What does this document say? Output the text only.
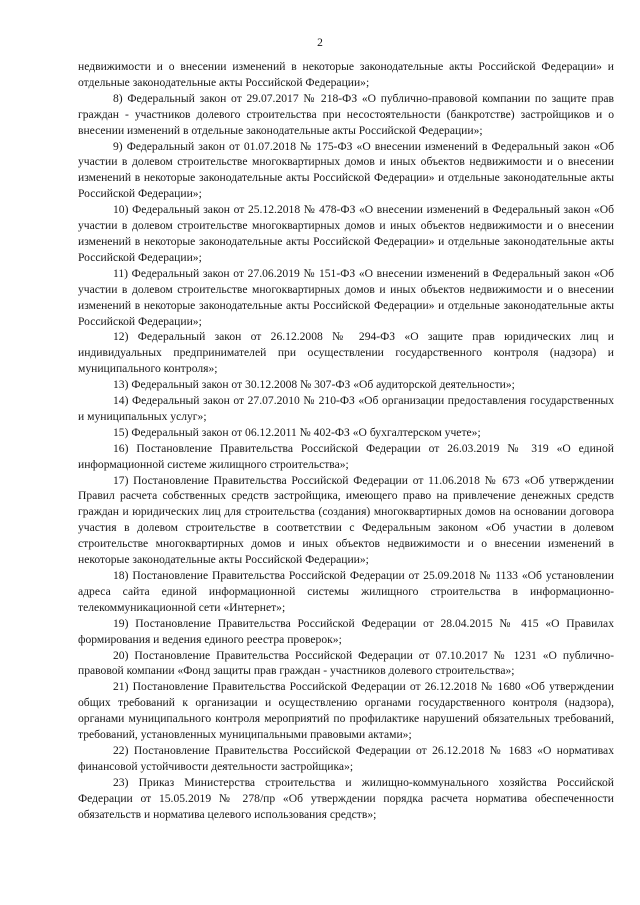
2

недвижимости и о внесении изменений в некоторые законодательные акты Российской Федерации» и отдельные законодательные акты Российской Федерации»;

8) Федеральный закон от 29.07.2017 № 218-ФЗ «О публично-правовой компании по защите прав граждан - участников долевого строительства при несостоятельности (банкротстве) застройщиков и о внесении изменений в отдельные законодательные акты Российской Федерации»;

9) Федеральный закон от 01.07.2018 № 175-ФЗ «О внесении изменений в Федеральный закон «Об участии в долевом строительстве многоквартирных домов и иных объектов недвижимости и о внесении изменений в некоторые законодательные акты Российской Федерации» и отдельные законодательные акты Российской Федерации»;

10) Федеральный закон от 25.12.2018 № 478-ФЗ «О внесении изменений в Федеральный закон «Об участии в долевом строительстве многоквартирных домов и иных объектов недвижимости и о внесении изменений в некоторые законодательные акты Российской Федерации» и отдельные законодательные акты Российской Федерации»;

11) Федеральный закон от 27.06.2019 № 151-ФЗ «О внесении изменений в Федеральный закон «Об участии в долевом строительстве многоквартирных домов и иных объектов недвижимости и о внесении изменений в некоторые законодательные акты Российской Федерации» и отдельные законодательные акты Российской Федерации»;

12) Федеральный закон от 26.12.2008 № 294-ФЗ «О защите прав юридических лиц и индивидуальных предпринимателей при осуществлении государственного контроля (надзора) и муниципального контроля»;

13) Федеральный закон от 30.12.2008 № 307-ФЗ «Об аудиторской деятельности»;

14) Федеральный закон от 27.07.2010 № 210-ФЗ «Об организации предоставления государственных и муниципальных услуг»;

15) Федеральный закон от 06.12.2011 № 402-ФЗ «О бухгалтерском учете»;

16) Постановление Правительства Российской Федерации от 26.03.2019 № 319 «О единой информационной системе жилищного строительства»;

17) Постановление Правительства Российской Федерации от 11.06.2018 № 673 «Об утверждении Правил расчета собственных средств застройщика, имеющего право на привлечение денежных средств граждан и юридических лиц для строительства (создания) многоквартирных домов на основании договора участия в долевом строительстве в соответствии с Федеральным законом «Об участии в долевом строительстве многоквартирных домов и иных объектов недвижимости и о внесении изменений в некоторые законодательные акты Российской Федерации»;

18) Постановление Правительства Российской Федерации от 25.09.2018 № 1133 «Об установлении адреса сайта единой информационной системы жилищного строительства в информационно-телекоммуникационной сети «Интернет»;

19) Постановление Правительства Российской Федерации от 28.04.2015 № 415 «О Правилах формирования и ведения единого реестра проверок»;

20) Постановление Правительства Российской Федерации от 07.10.2017 № 1231 «О публично-правовой компании «Фонд защиты прав граждан - участников долевого строительства»;

21) Постановление Правительства Российской Федерации от 26.12.2018 № 1680 «Об утверждении общих требований к организации и осуществлению органами государственного контроля (надзора), органами муниципального контроля мероприятий по профилактике нарушений обязательных требований, требований, установленных муниципальными правовыми актами»;

22) Постановление Правительства Российской Федерации от 26.12.2018 № 1683 «О нормативах финансовой устойчивости деятельности застройщика»;

23) Приказ Министерства строительства и жилищно-коммунального хозяйства Российской Федерации от 15.05.2019 № 278/пр «Об утверждении порядка расчета норматива обеспеченности обязательств и норматива целевого использования средств»;
